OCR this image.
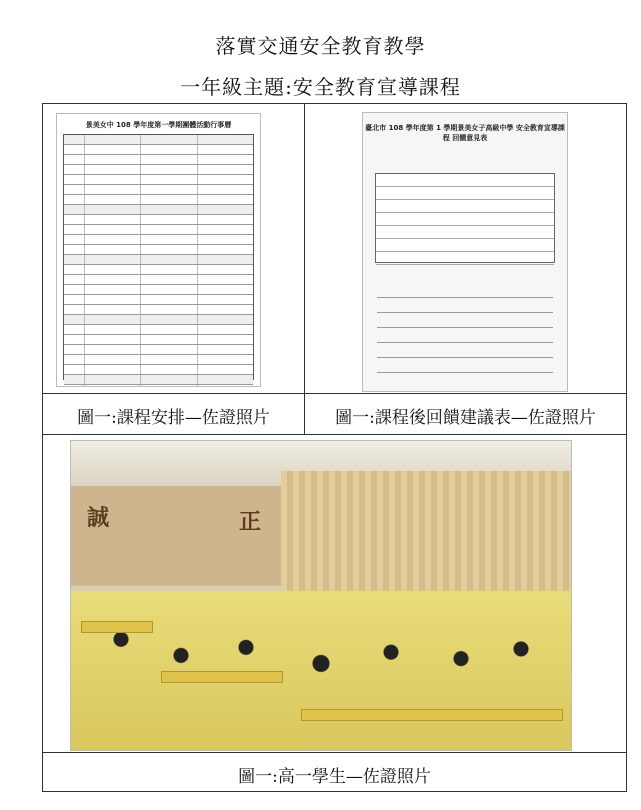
落實交通安全教育教學
一年級主題:安全教育宣導課程
景美女中 108 學年度第一學期團體活動行事曆	臺北市 108 學年度第 1 學期景美女子高級中學 安全教育宣導課程 回饋意見表
圖一:課程安排—佐證照片	圖一:課程後回饋建議表—佐證照片
誠	正
圖一:高一學生—佐證照片
